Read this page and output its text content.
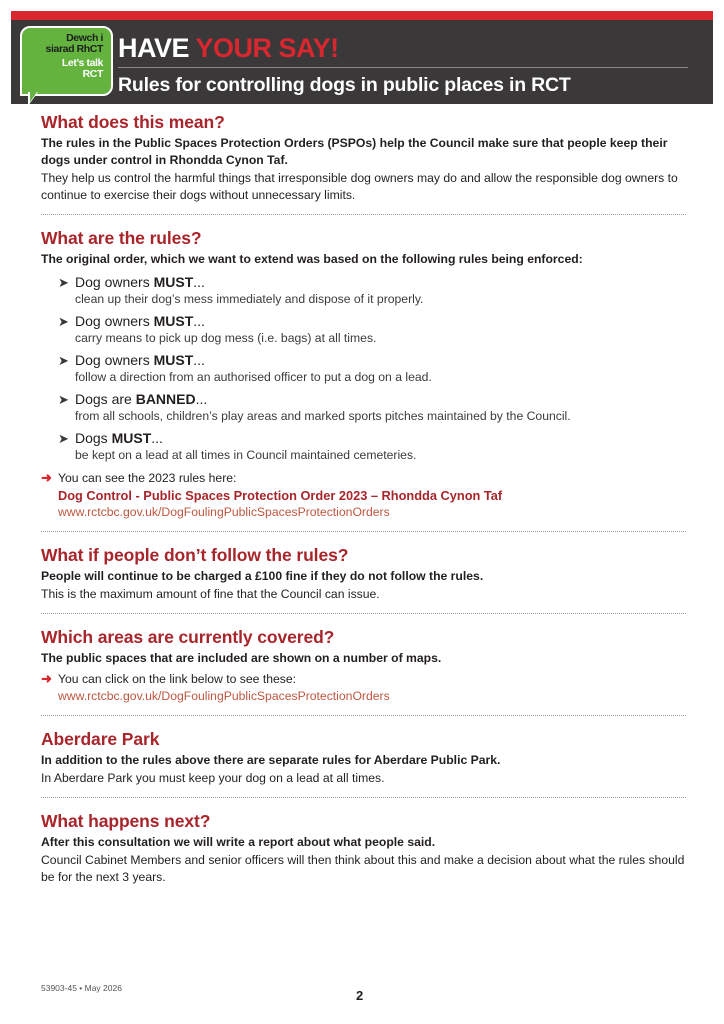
Dewch i
siarad RhCT
Let’s talk
RCT
HAVE YOUR SAY!
Rules for controlling dogs in public places in RCT
What does this mean?
The rules in the Public Spaces Protection Orders (PSPOs) help the Council make sure that people keep their dogs under control in Rhondda Cynon Taf.
They help us control the harmful things that irresponsible dog owners may do and allow the responsible dog owners to continue to exercise their dogs without unnecessary limits.
What are the rules?
The original order, which we want to extend was based on the following rules being enforced:
➤ Dog owners MUST...
clean up their dog’s mess immediately and dispose of it properly.
➤ Dog owners MUST...
carry means to pick up dog mess (i.e. bags) at all times.
➤ Dog owners MUST...
follow a direction from an authorised officer to put a dog on a lead.
➤ Dogs are BANNED...
from all schools, children’s play areas and marked sports pitches maintained by the Council.
➤ Dogs MUST...
be kept on a lead at all times in Council maintained cemeteries.
➜ You can see the 2023 rules here:
Dog Control - Public Spaces Protection Order 2023 – Rhondda Cynon Taf
www.rctcbc.gov.uk/DogFoulingPublicSpacesProtectionOrders
What if people don’t follow the rules?
People will continue to be charged a £100 fine if they do not follow the rules.
This is the maximum amount of fine that the Council can issue.
Which areas are currently covered?
The public spaces that are included are shown on a number of maps.
➜ You can click on the link below to see these:
www.rctcbc.gov.uk/DogFoulingPublicSpacesProtectionOrders
Aberdare Park
In addition to the rules above there are separate rules for Aberdare Public Park.
In Aberdare Park you must keep your dog on a lead at all times.
What happens next?
After this consultation we will write a report about what people said.
Council Cabinet Members and senior officers will then think about this and make a decision about what the rules should be for the next 3 years.
53903-45 • May 2026	2
